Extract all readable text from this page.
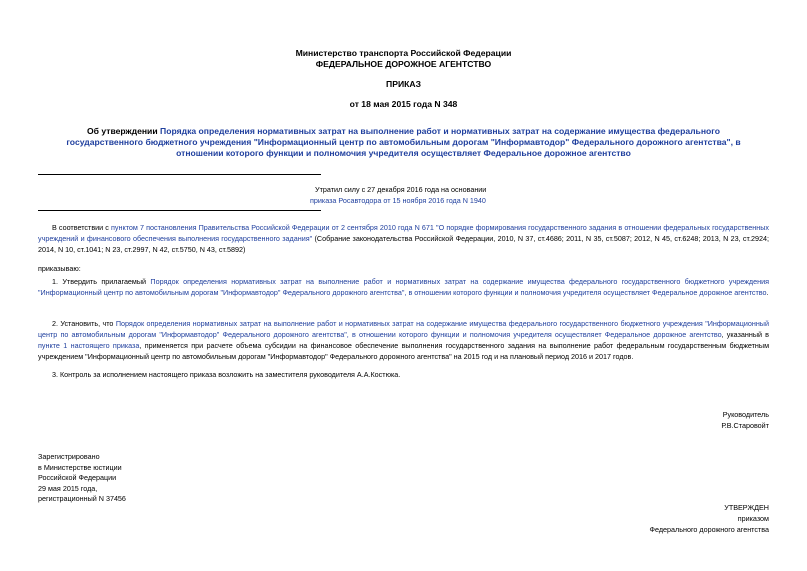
Министерство транспорта Российской Федерации
ФЕДЕРАЛЬНОЕ ДОРОЖНОЕ АГЕНТСТВО
ПРИКАЗ
от 18 мая 2015 года N 348
Об утверждении Порядка определения нормативных затрат на выполнение работ и нормативных затрат на содержание имущества федерального
государственного бюджетного учреждения "Информационный центр по автомобильным дорогам "Информавтодор" Федерального дорожного агентства", в
отношении которого функции и полномочия учредителя осуществляет Федеральное дорожное агентство
Утратил силу с 27 декабря 2016 года на основании
приказа Росавтодора от 15 ноября 2016 года N 1940
В соответствии с пунктом 7 постановления Правительства Российской Федерации от 2 сентября 2010 года N 671 "О порядке формирования государственного задания в отношении федеральных государственных учреждений и финансового обеспечения выполнения государственного задания" (Собрание законодательства Российской Федерации, 2010, N 37, ст.4686; 2011, N 35, ст.5087; 2012, N 45, ст.6248; 2013, N 23, ст.2924; 2014, N 10, ст.1041; N 23, ст.2997, N 42, ст.5750, N 43, ст.5892)
приказываю:
1. Утвердить прилагаемый Порядок определения нормативных затрат на выполнение работ и нормативных затрат на содержание имущества федерального государственного бюджетного учреждения "Информационный центр по автомобильным дорогам "Информавтодор" Федерального дорожного агентства", в отношении которого функции и полномочия учредителя осуществляет Федеральное дорожное агентство.
2. Установить, что Порядок определения нормативных затрат на выполнение работ и нормативных затрат на содержание имущества федерального государственного бюджетного учреждения "Информационный центр по автомобильным дорогам "Информавтодор" Федерального дорожного агентства", в отношении которого функции и полномочия учредителя осуществляет Федеральное дорожное агентство, указанный в пункте 1 настоящего приказа, применяется при расчете объема субсидии на финансовое обеспечение выполнения государственного задания на выполнение работ федеральным государственным бюджетным учреждением "Информационный центр по автомобильным дорогам "Информавтодор" Федерального дорожного агентства" на 2015 год и на плановый период 2016 и 2017 годов.
3. Контроль за исполнением настоящего приказа возложить на заместителя руководителя А.А.Костюка.
Руководитель
Р.В.Старовойт
Зарегистрировано
в Министерстве юстиции
Российской Федерации
29 мая 2015 года,
регистрационный N 37456
УТВЕРЖДЕН
приказом
Федерального дорожного агентства
